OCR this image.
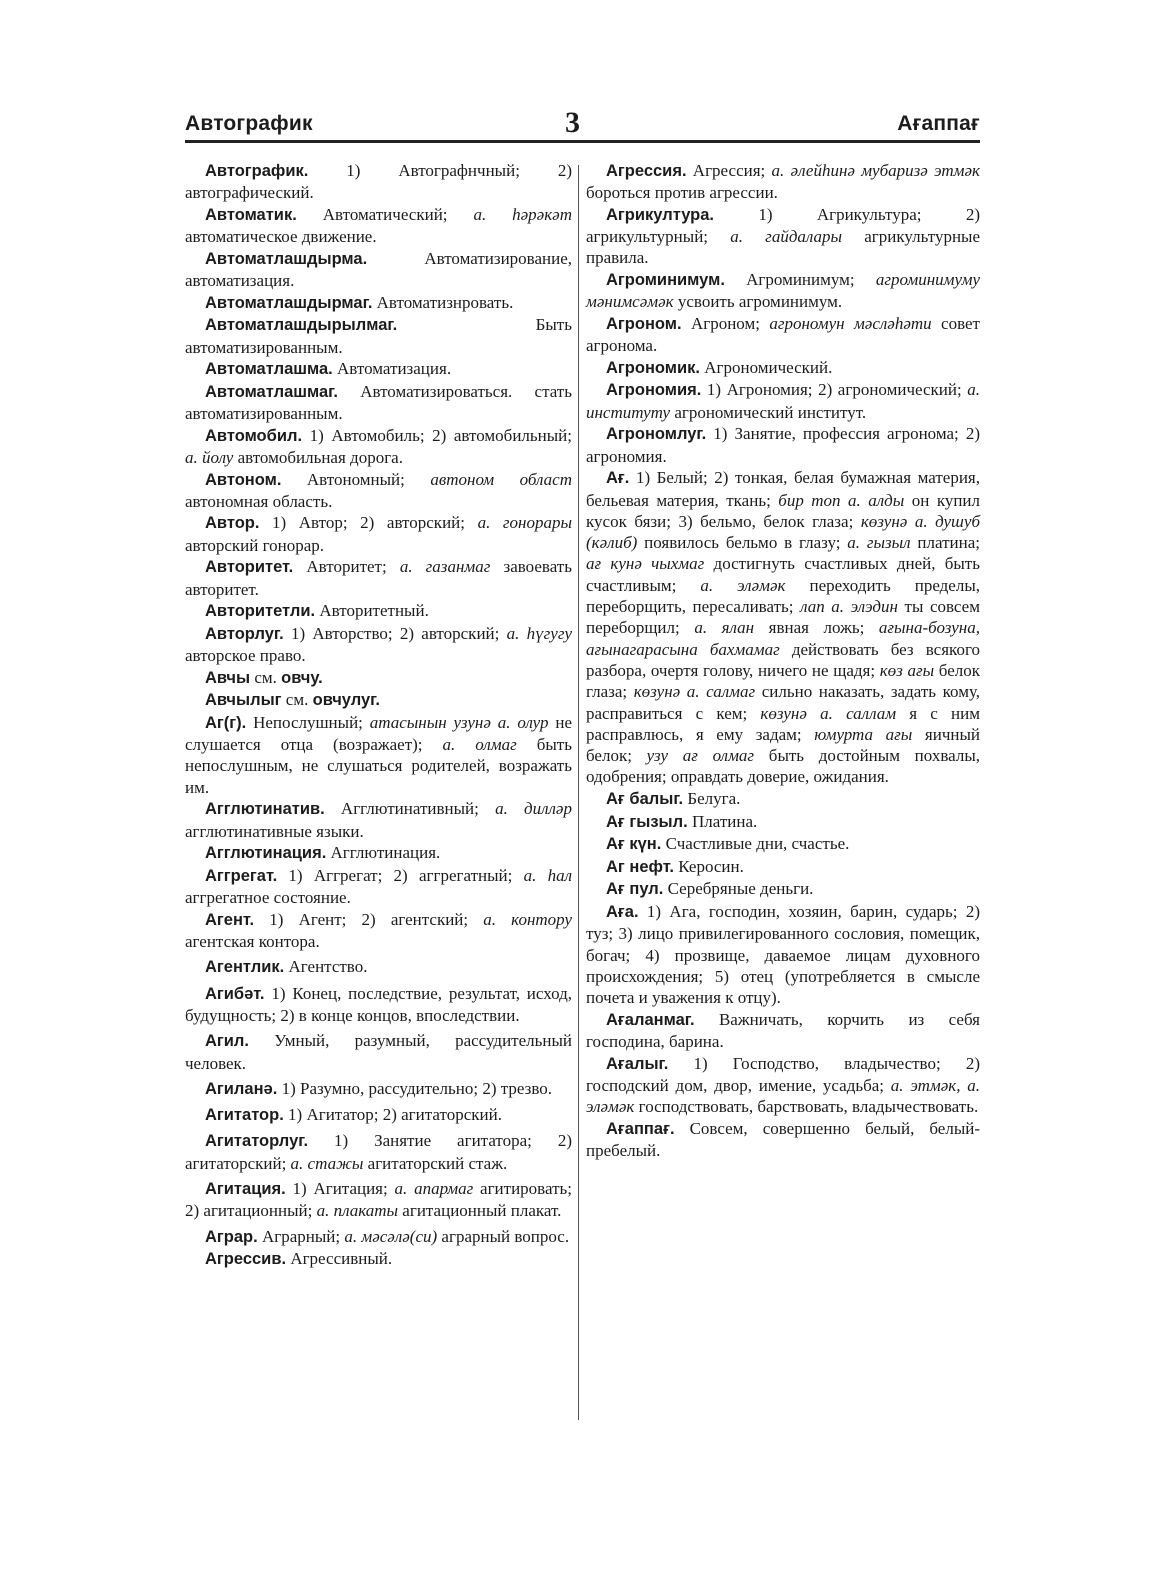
Автографик	3	Ағаппағ
Автографик. 1) Автографнчный; 2) автографический.
Автоматик. Автоматический; а. һәрәкәт автоматическое движение.
Автоматлашдырма. Автоматизирование, автоматизация.
Автоматлашдырмаг. Автоматизнровать.
Автоматлашдырылмаг. Быть автоматизированным.
Автоматлашма. Автоматизация.
Автоматлашмаг. Автоматизироваться. стать автоматизированным.
Автомобил. 1) Автомобиль; 2) автомобильный; а. йолу автомобильная дорога.
Автоном. Автономный; автоном област автономная область.
Автор. 1) Автор; 2) авторский; а. гонорары авторский гонорар.
Авторитет. Авторитет; а. газанмаг завоевать авторитет.
Авторитетли. Авторитетный.
Авторлуг. 1) Авторство; 2) авторский; а. һүгугу авторское право.
Авчы см. овчу.
Авчылыг см. овчулуг.
Аг(г). Непослушный; атасынын узунә а. олур не слушается отца (возражает); а. олмаг быть непослушным, не слушаться родителей, возражать им.
Агглютинатив. Агглютинативный; а. дилләр агглютинативные языки.
Агглютинация. Агглютинация.
Аггрегат. 1) Аггрегат; 2) аггрегатный; а. һал аггрегатное состояние.
Агент. 1) Агент; 2) агентский; а. контору агентская контора.
Агентлик. Агентство.
Агибәт. 1) Конец, последствие, результат, исход, будущность; 2) в конце концов, впоследствии.
Агил. Умный, разумный, рассудительный человек.
Агиланә. 1) Разумно, рассудительно; 2) трезво.
Агитатор. 1) Агитатор; 2) агитаторский.
Агитаторлуг. 1) Занятие агитатора; 2) агитаторский; а. стажы агитаторский стаж.
Агитация. 1) Агитация; а. апармаг агитировать; 2) агитационный; а. плакаты агитационный плакат.
Аграр. Аграрный; а. мәсәлә(си) аграрный вопрос.
Агрессив. Агрессивный.
Агрессия. Агрессия; а. әлейһинә мубаризә этмәк бороться против агрессии.
Агрикултура. 1) Агрикультура; 2) агрикультурный; а. гайдалары агрикультурные правила.
Агроминимум. Агроминимум; агроминимуму мәнимсәмәк усвоить агроминимум.
Агроном. Агроном; агрономун мәсләһәти совет агронома.
Агрономик. Агрономический.
Агрономия. 1) Агрономия; 2) агрономический; а. институту агрономический институт.
Агрономлуг. 1) Занятие, профессия агронома; 2) агрономия.
Ағ. 1) Белый; 2) тонкая, белая бумажная материя, бельевая материя, ткань; бир топ а. алды он купил кусок бязи; 3) бельмо, белок глаза; көзунә а. душуб (кәлиб) появилось бельмо в глазу; а. гызыл платина; ағ кунә чыхмаг достигнуть счастливых дней, быть счастливым; а. эләмәк переходить пределы, переборщить, пересаливать; лап а. элэдин ты совсем переборщил; а. ялан явная ложь; ағына-бозуна, ағынагарасына бахмамаг действовать без всякого разбора, очертя голову, ничего не щадя; көз ағы белок глаза; көзунә а. салмаг сильно наказать, задать кому, расправиться с кем; көзунә а. саллам я с ним расправлюсь, я ему задам; юмурта ағы яичный белок; узу ағ олмаг быть достойным похвалы, одобрения; оправдать доверие, ожидания.
Ағ балыг. Белуга.
Ағ гызыл. Платина.
Ағ күн. Счастливые дни, счастье.
Аг нефт. Керосин.
Ағ пул. Серебряные деньги.
Аға. 1) Ага, господин, хозяин, барин, сударь; 2) туз; 3) лицо привилегированного сословия, помещик, богач; 4) прозвище, даваемое лицам духовного происхождения; 5) отец (употребляется в смысле почета и уважения к отцу).
Ағаланмаг. Важничать, корчить из себя господина, барина.
Ағалыг. 1) Господство, владычество; 2) господский дом, двор, имение, усадьба; а. этмәк, а. эләмәк господствовать, барствовать, владычествовать.
Ағаппағ. Совсем, совершенно белый, белый-пребелый.
